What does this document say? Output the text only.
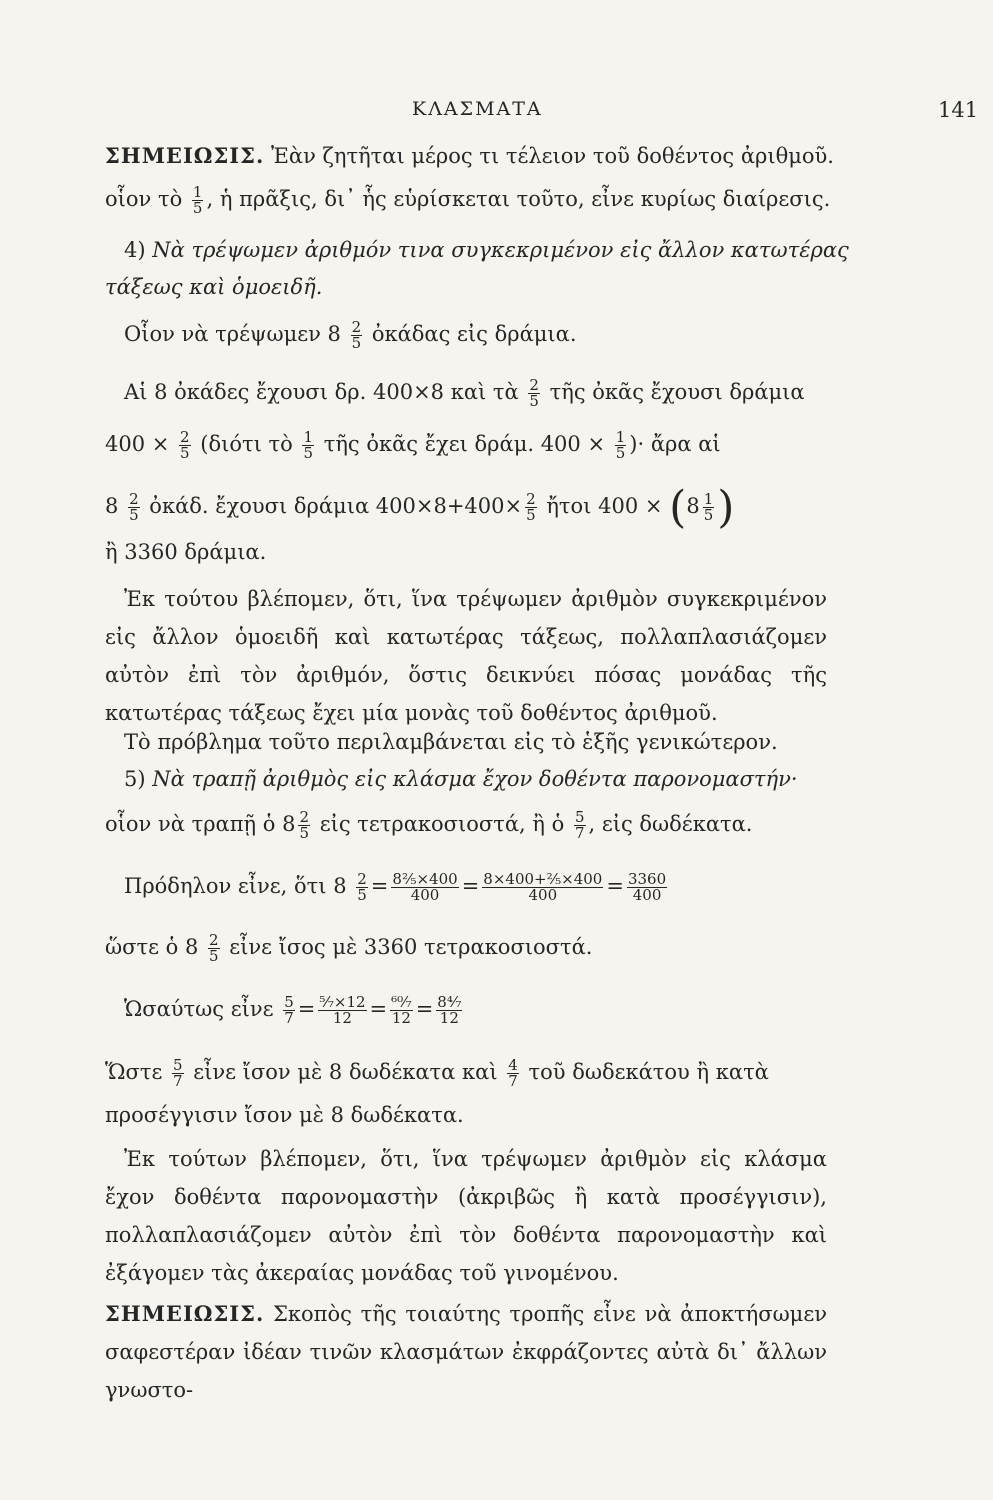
ΚΛΑΣΜΑΤΑ	141
ΣΗΜΕΙΩΣΙΣ. Ἐὰν ζητῆται μέρος τι τέλειον τοῦ δοθέντος ἀριθμοῦ.
οἷον τὸ $\frac{1}{5}$ , ἡ πρᾶξις, δι᾽ ἧς εὑρίσκεται τοῦτο, εἶνε κυρίως διαίρεσις.
4) Νὰ τρέψωμεν ἀριθμόν τινα συγκεκριμένον εἰς ἄλλον κατωτέρας
τάξεως καὶ ὁμοειδῆ.
Οἷον νὰ τρέψωμεν $8 \frac{2}{5}$ ὀκάδας εἰς δράμια.
Αἱ 8 ὀκάδες ἔχουσι δρ. 400×8 καὶ τὰ $\frac{2}{5}$ τῆς ὀκᾶς ἔχουσι δράμια
$400 \times \frac{2}{5} (\delta\iota ό\tau\iota$ τὸ $\frac{1}{5}$ τῆς ὀκᾶς ἔχει δράμ. $400 \times \frac{1}{5}$ )· ἄρα αἱ
$8 \frac{2}{5}$ ὀκάδ. ἔχουσι δράμια $400\times 8+400\times \frac{2}{5}$ ἤτοι $400 \times (8 \frac{1}{5}$ )
ἢ 3360 δράμια.
Ἐκ τούτου βλέπομεν, ὅτι, ἵνα τρέψωμεν ἀριθμὸν συγκεκριμένον εἰς ἄλλον ὁμοειδῆ καὶ κατωτέρας τάξεως, πολλαπλασιάζομεν αὐτὸν ἐπὶ τὸν ἀριθμόν, ὅστις δεικνύει πόσας μονάδας τῆς κατωτέρας τάξεως ἔχει μία μονὰς τοῦ δοθέντος ἀριθμοῦ.
Τὸ πρόβλημα τοῦτο περιλαμβάνεται εἰς τὸ ἑξῆς γενικώτερον.
5) Νὰ τραπῇ ἀριθμὸς εἰς κλάσμα ἔχον δοθέντα παρονομαστήν·
οἷον νὰ τραπῇ ὁ $8 \frac{2}{5}$ εἰς τετρακοσιοστά, ἢ ὁ $\frac{5}{7}$ , εἰς δωδέκατα.
Πρόδηλον εἶνε, ὅτι $8 \frac{2}{5} = \frac{\text{8⅖×400}}{400} = \frac{\text{8×400+⅖×400}}{400} = \frac{3360}{400}$
ὥστε ὁ $8 \frac{2}{5}$ εἶνε ἴσος μὲ 3360 τετρακοσιοστά.
Ὡσαύτως εἶνε $\frac{5}{7} = \frac{\text{⁵⁄₇×12}}{12} = \frac{\text{⁶⁰⁄₇}}{12} = \frac{\text{8⁴⁄₇}}{12}$
Ὥστε $\frac{5}{7}$ εἶνε ἴσον μὲ 8 δωδέκατα καὶ $\frac{4}{7}$ τοῦ δωδεκάτου ἢ κατὰ
προσέγγισιν ἴσον μὲ 8 δωδέκατα.
Ἐκ τούτων βλέπομεν, ὅτι, ἵνα τρέψωμεν ἀριθμὸν εἰς κλάσμα ἔχον δοθέντα παρονομαστὴν (ἀκριβῶς ἢ κατὰ προσέγγισιν), πολλαπλασιάζομεν αὐτὸν ἐπὶ τὸν δοθέντα παρονομαστὴν καὶ ἐξάγομεν τὰς ἀκεραίας μονάδας τοῦ γινομένου.
ΣΗΜΕΙΩΣΙΣ. Σκοπὸς τῆς τοιαύτης τροπῆς εἶνε νὰ ἀποκτήσωμεν σαφεστέραν ἰδέαν τινῶν κλασμάτων ἐκφράζοντες αὐτὰ δι᾽ ἄλλων γνωστο-
